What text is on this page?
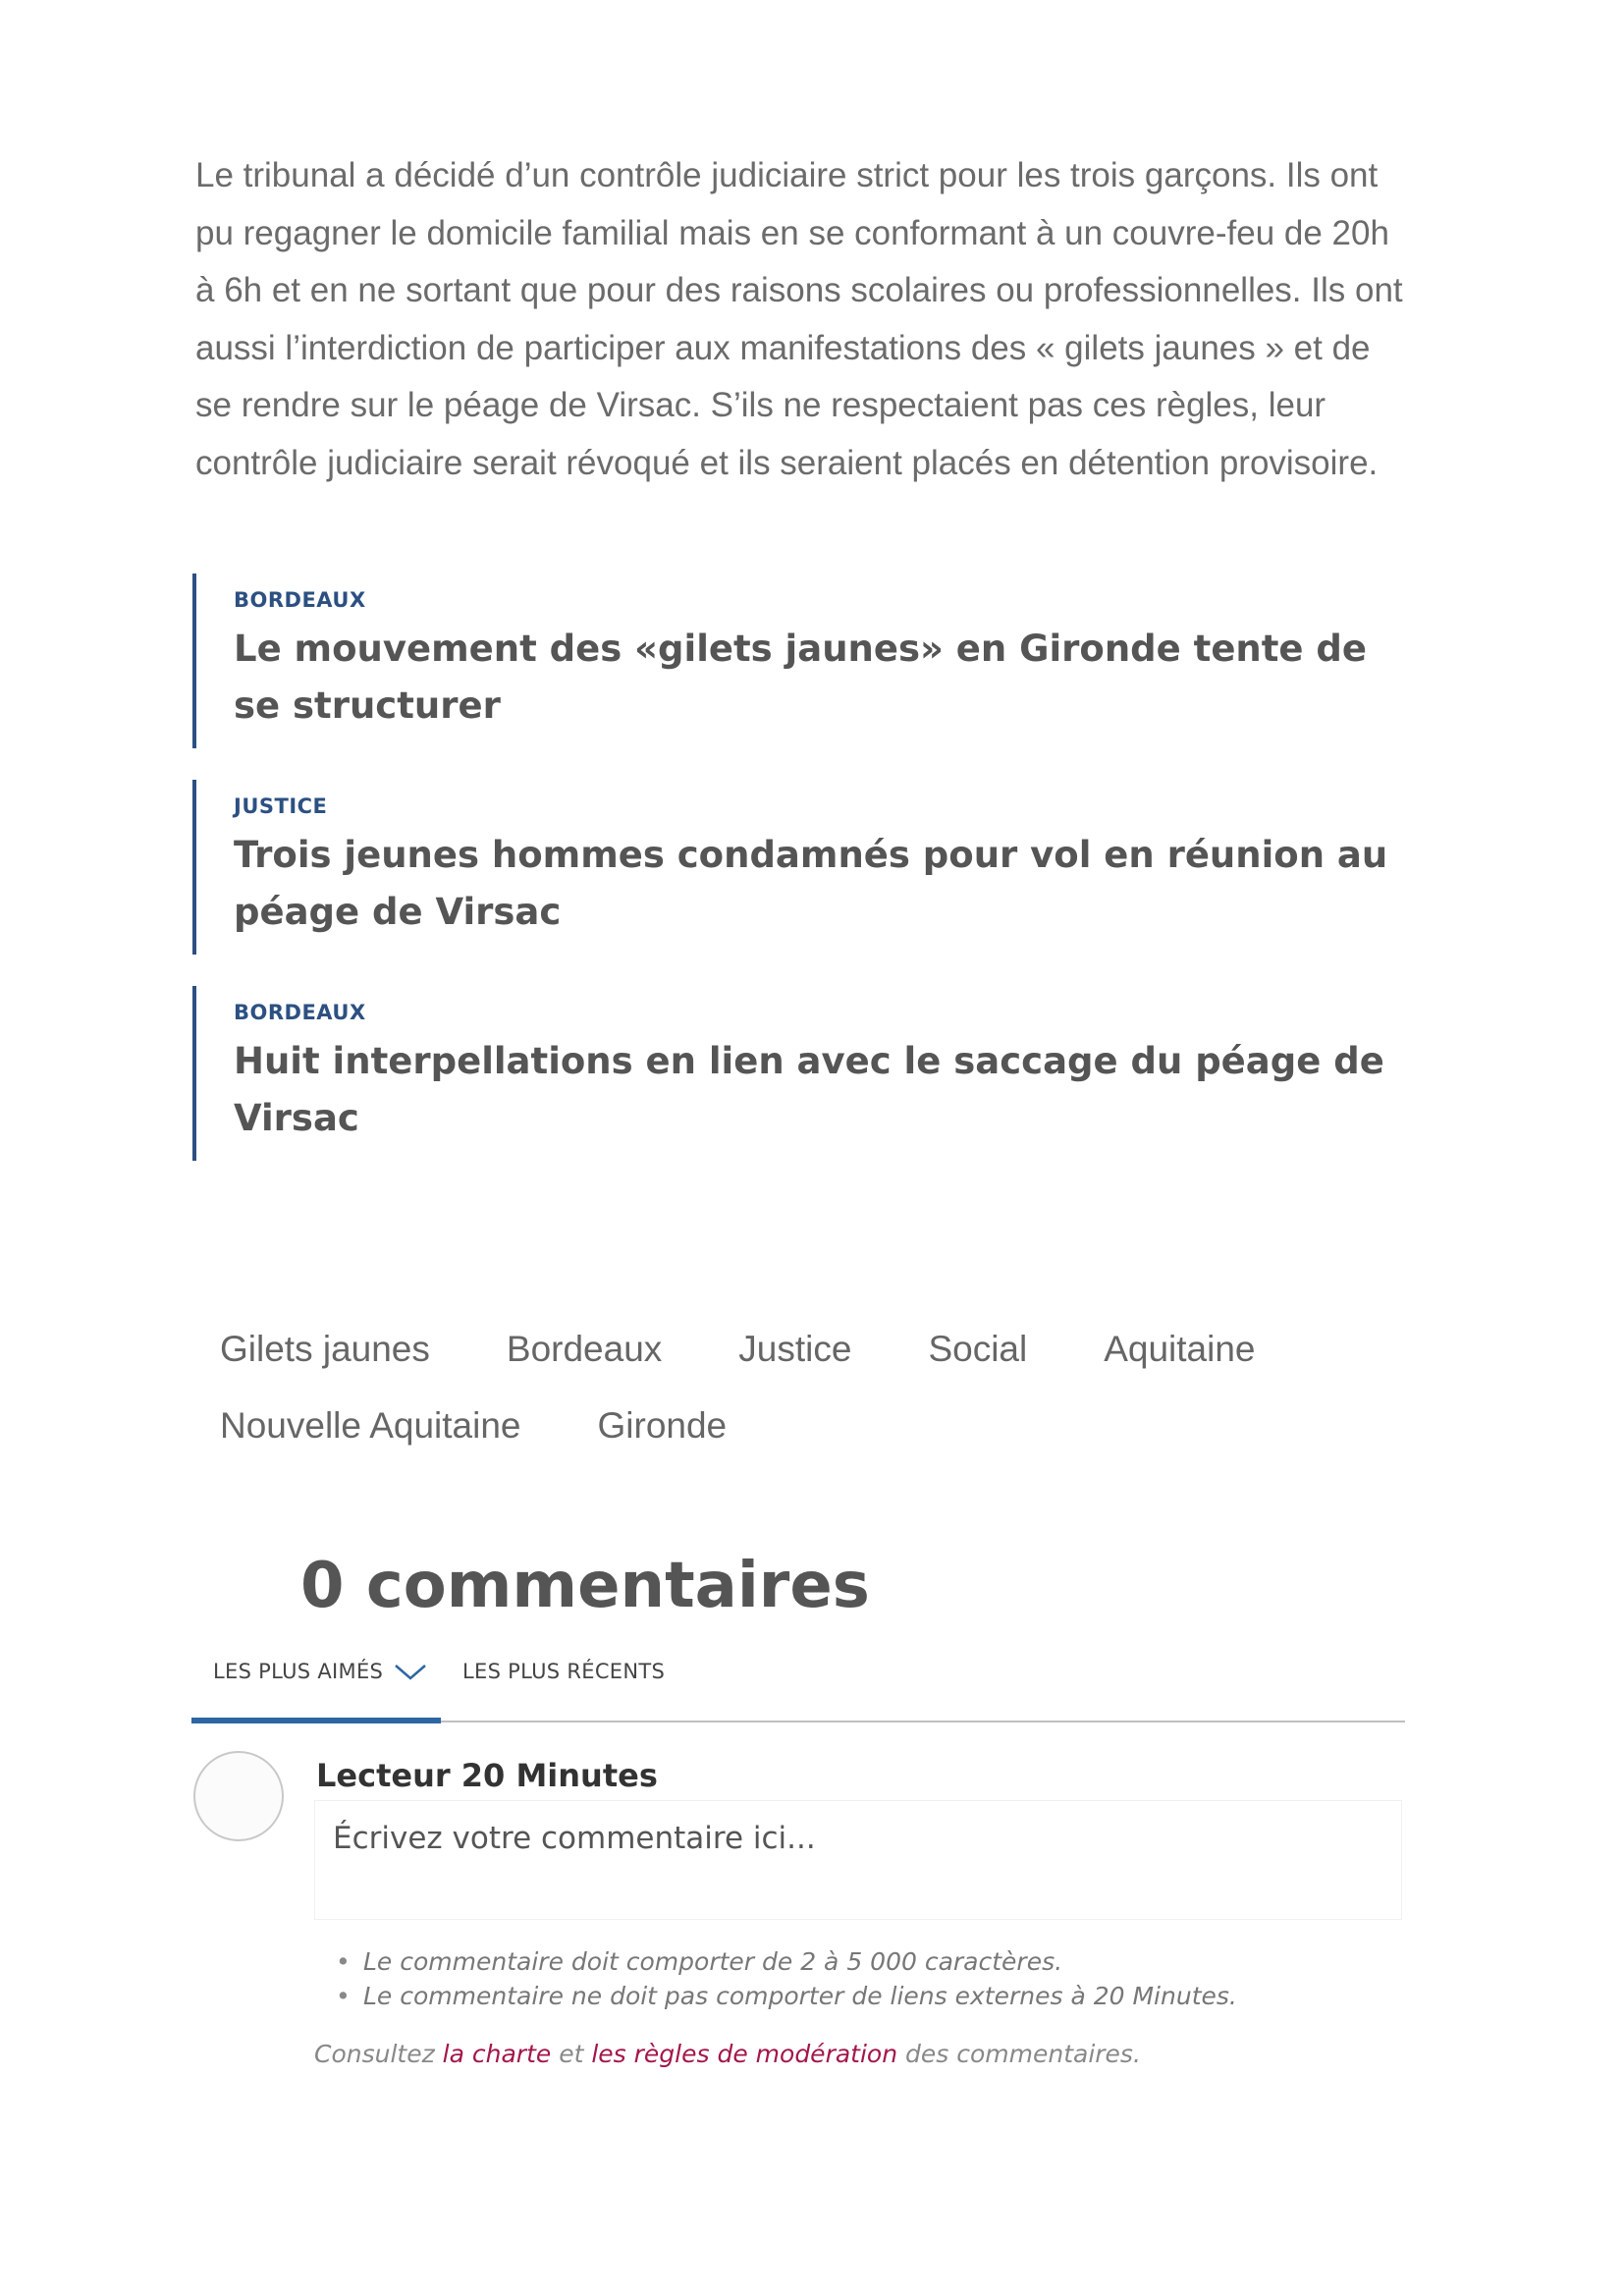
Le tribunal a décidé d’un contrôle judiciaire strict pour les trois garçons. Ils ont pu regagner le domicile familial mais en se conformant à un couvre-feu de 20h à 6h et en ne sortant que pour des raisons scolaires ou professionnelles. Ils ont aussi l’interdiction de participer aux manifestations des « gilets jaunes » et de se rendre sur le péage de Virsac. S’ils ne respectaient pas ces règles, leur contrôle judiciaire serait révoqué et ils seraient placés en détention provisoire.

BORDEAUX
Le mouvement des «gilets jaunes» en Gironde tente de se structurer
JUSTICE
Trois jeunes hommes condamnés pour vol en réunion au péage de Virsac
BORDEAUX
Huit interpellations en lien avec le saccage du péage de Virsac
Gilets jaunes Bordeaux Justice Social Aquitaine
Nouvelle Aquitaine Gironde
0 commentaires
LES PLUS AIMÉS	LES PLUS RÉCENTS
Lecteur 20 Minutes
Écrivez votre commentaire ici...
• Le commentaire doit comporter de 2 à 5 000 caractères.
• Le commentaire ne doit pas comporter de liens externes à 20 Minutes.
Consultez la charte et les règles de modération des commentaires.
